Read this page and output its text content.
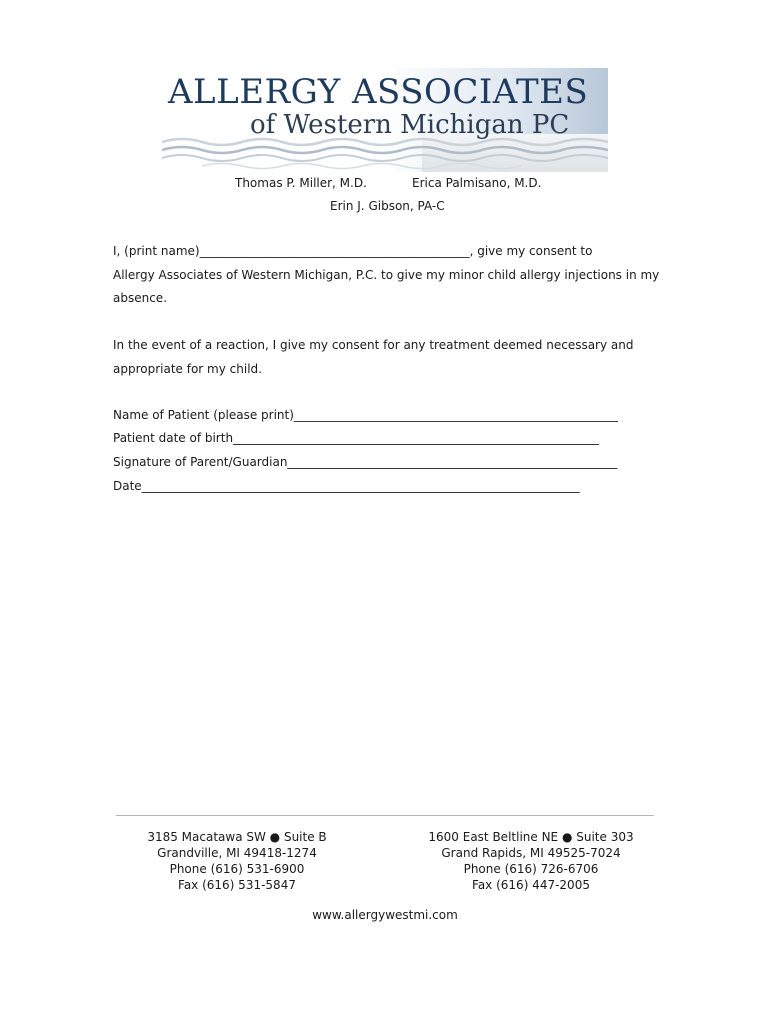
ALLERGY ASSOCIATES
of Western Michigan PC
Thomas P. Miller, M.D.	Erica Palmisano, M.D.
Erin J. Gibson, PA-C
I, (print name)_____________________________________________, give my consent to
Allergy Associates of Western Michigan, P.C. to give my minor child allergy injections in my
absence.
In the event of a reaction, I give my consent for any treatment deemed necessary and
appropriate for my child.
Name of Patient (please print)______________________________________________________
Patient date of birth_____________________________________________________________
Signature of Parent/Guardian_______________________________________________________
Date_________________________________________________________________________
3185 Macatawa SW ● Suite B
Grandville, MI 49418-1274
Phone (616) 531-6900
Fax (616) 531-5847
1600 East Beltline NE ● Suite 303
Grand Rapids, MI 49525-7024
Phone (616) 726-6706
Fax (616) 447-2005
www.allergywestmi.com
